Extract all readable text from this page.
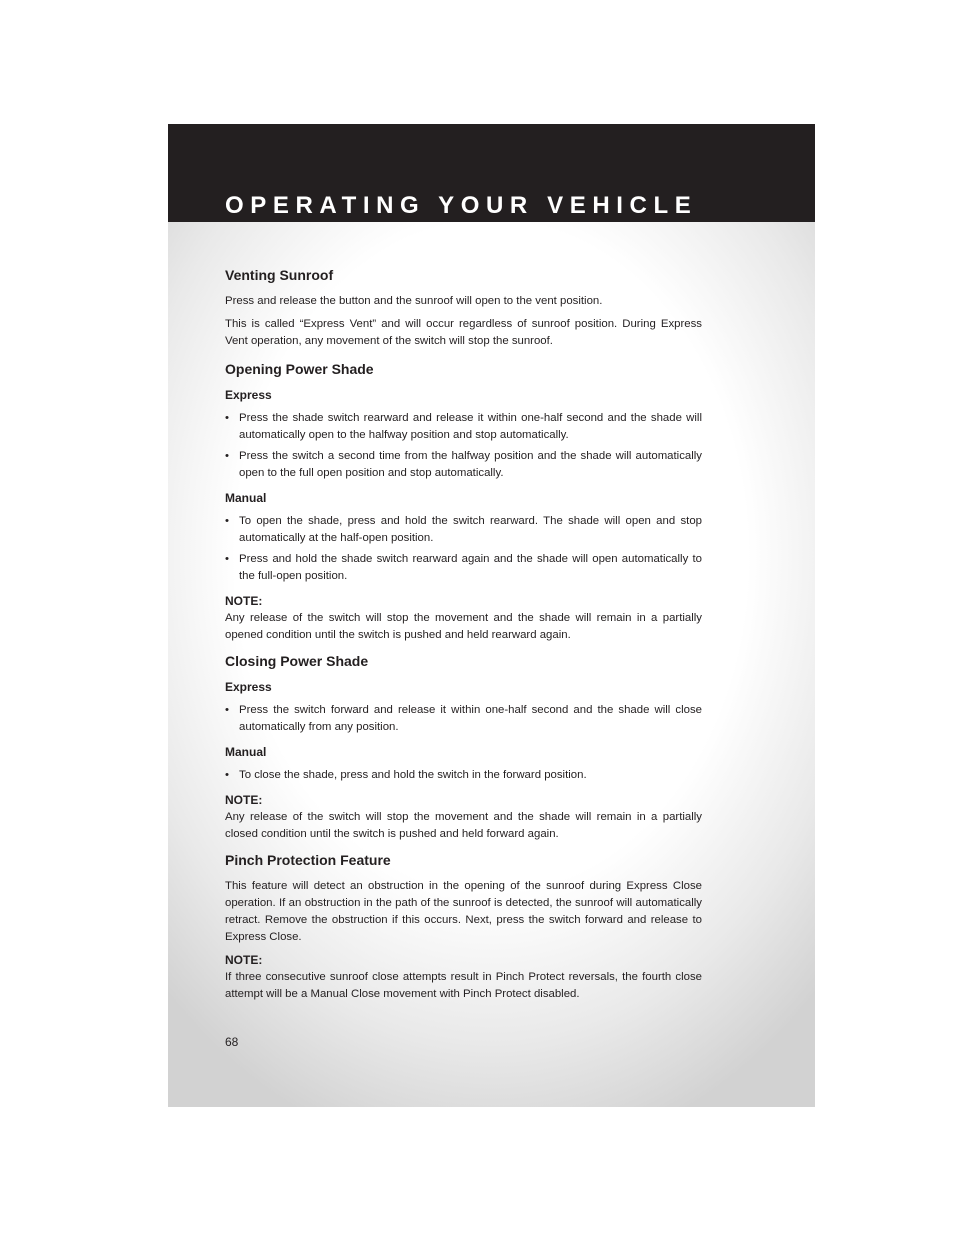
OPERATING YOUR VEHICLE
Venting Sunroof

Press and release the button and the sunroof will open to the vent position.

This is called “Express Vent” and will occur regardless of sunroof position. During Express Vent operation, any movement of the switch will stop the sunroof.

Opening Power Shade
Express
• Press the shade switch rearward and release it within one-half second and the shade will automatically open to the halfway position and stop automatically.
• Press the switch a second time from the halfway position and the shade will automatically open to the full open position and stop automatically.
Manual
• To open the shade, press and hold the switch rearward. The shade will open and stop automatically at the half-open position.
• Press and hold the shade switch rearward again and the shade will open automatically to the full-open position.

NOTE:

Any release of the switch will stop the movement and the shade will remain in a partially opened condition until the switch is pushed and held rearward again.

Closing Power Shade
Express
• Press the switch forward and release it within one-half second and the shade will close automatically from any position.
Manual
• To close the shade, press and hold the switch in the forward position.

NOTE:

Any release of the switch will stop the movement and the shade will remain in a partially closed condition until the switch is pushed and held forward again.

Pinch Protection Feature

This feature will detect an obstruction in the opening of the sunroof during Express Close operation. If an obstruction in the path of the sunroof is detected, the sunroof will automatically retract. Remove the obstruction if this occurs. Next, press the switch forward and release to Express Close.

NOTE:

If three consecutive sunroof close attempts result in Pinch Protect reversals, the fourth close attempt will be a Manual Close movement with Pinch Protect disabled.

68
